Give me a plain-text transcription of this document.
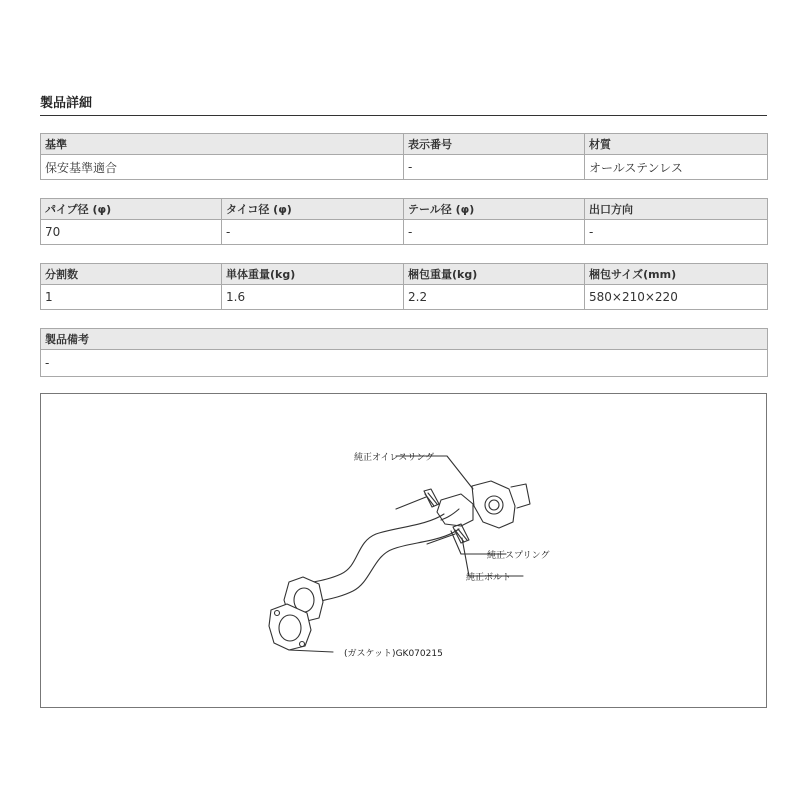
製品詳細
基準	表示番号	材質
保安基準適合	-	オールステンレス
パイプ径 (φ)	タイコ径 (φ)	テール径 (φ)	出口方向
70	-	-	-
分割数	単体重量(kg)	梱包重量(kg)	梱包サイズ(mm)
1	1.6	2.2	580×210×220
製品備考
-
純正オイレスリング
純正スプリング
純正ボルト
(ガスケット)GK070215
